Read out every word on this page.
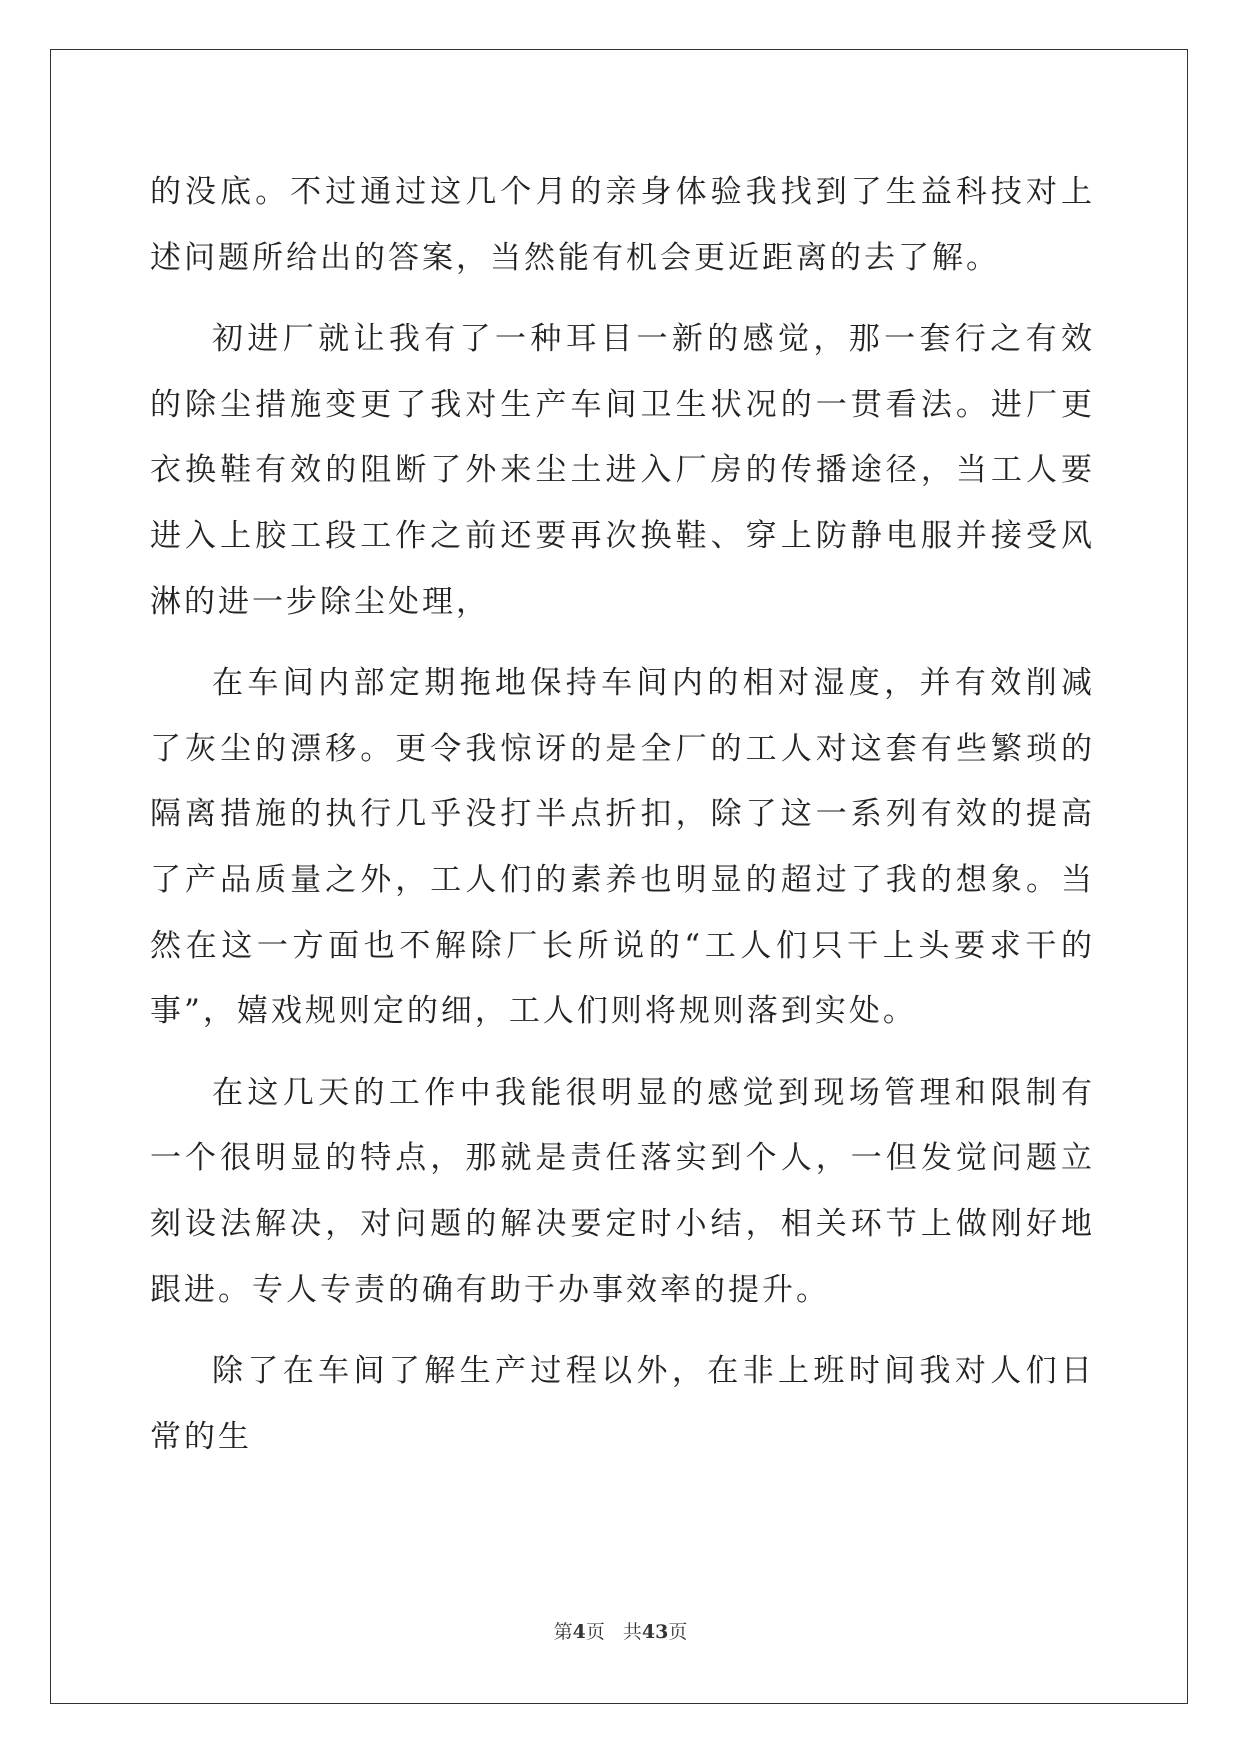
的没底。不过通过这几个月的亲身体验我找到了生益科技对上述问题所给出的答案，当然能有机会更近距离的去了解。

初进厂就让我有了一种耳目一新的感觉，那一套行之有效的除尘措施变更了我对生产车间卫生状况的一贯看法。进厂更衣换鞋有效的阻断了外来尘土进入厂房的传播途径，当工人要进入上胶工段工作之前还要再次换鞋、穿上防静电服并接受风淋的进一步除尘处理，

在车间内部定期拖地保持车间内的相对湿度，并有效削减了灰尘的漂移。更令我惊讶的是全厂的工人对这套有些繁琐的隔离措施的执行几乎没打半点折扣，除了这一系列有效的提高了产品质量之外，工人们的素养也明显的超过了我的想象。当然在这一方面也不解除厂长所说的“工人们只干上头要求干的事”，嬉戏规则定的细，工人们则将规则落到实处。

在这几天的工作中我能很明显的感觉到现场管理和限制有一个很明显的特点，那就是责任落实到个人，一但发觉问题立刻设法解决，对问题的解决要定时小结，相关环节上做刚好地跟进。专人专责的确有助于办事效率的提升。

除了在车间了解生产过程以外，在非上班时间我对人们日常的生

第4页 共43页
